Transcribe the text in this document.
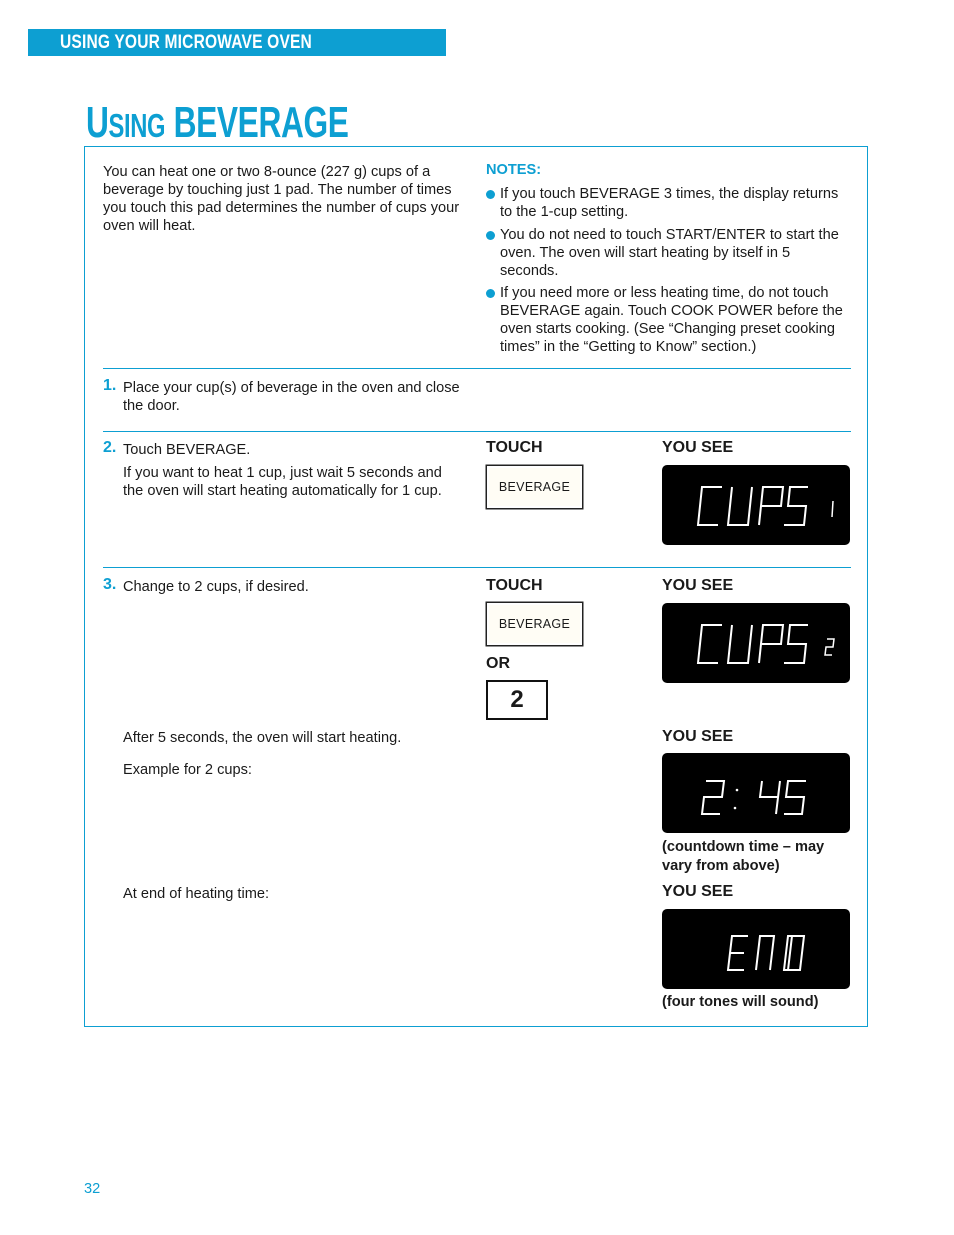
USING YOUR MICROWAVE OVEN
USING BEVERAGE
You can heat one or two 8-ounce (227 g) cups of a beverage by touching just 1 pad. The number of times you touch this pad determines the number of cups your oven will heat.
NOTES:
If you touch BEVERAGE 3 times, the display returns to the 1-cup setting.
You do not need to touch START/ENTER to start the oven. The oven will start heating by itself in 5 seconds.
If you need more or less heating time, do not touch BEVERAGE again. Touch COOK POWER before the oven starts cooking. (See “Changing preset cooking times” in the “Getting to Know” section.)
1. Place your cup(s) of beverage in the oven and close the door.
2. Touch BEVERAGE.
If you want to heat 1 cup, just wait 5 seconds and the oven will start heating automatically for 1 cup.
TOUCH	YOU SEE
BEVERAGE
QTY
3. Change to 2 cups, if desired.	TOUCH	YOU SEE
BEVERAGE
OR
2
QTY
After 5 seconds, the oven will start heating.
Example for 2 cups:
YOU SEE
AUTO REHEAT
TIME
(countdown time – may vary from above)
At end of heating time:	YOU SEE
AUTO REHEAT
(four tones will sound)
32
